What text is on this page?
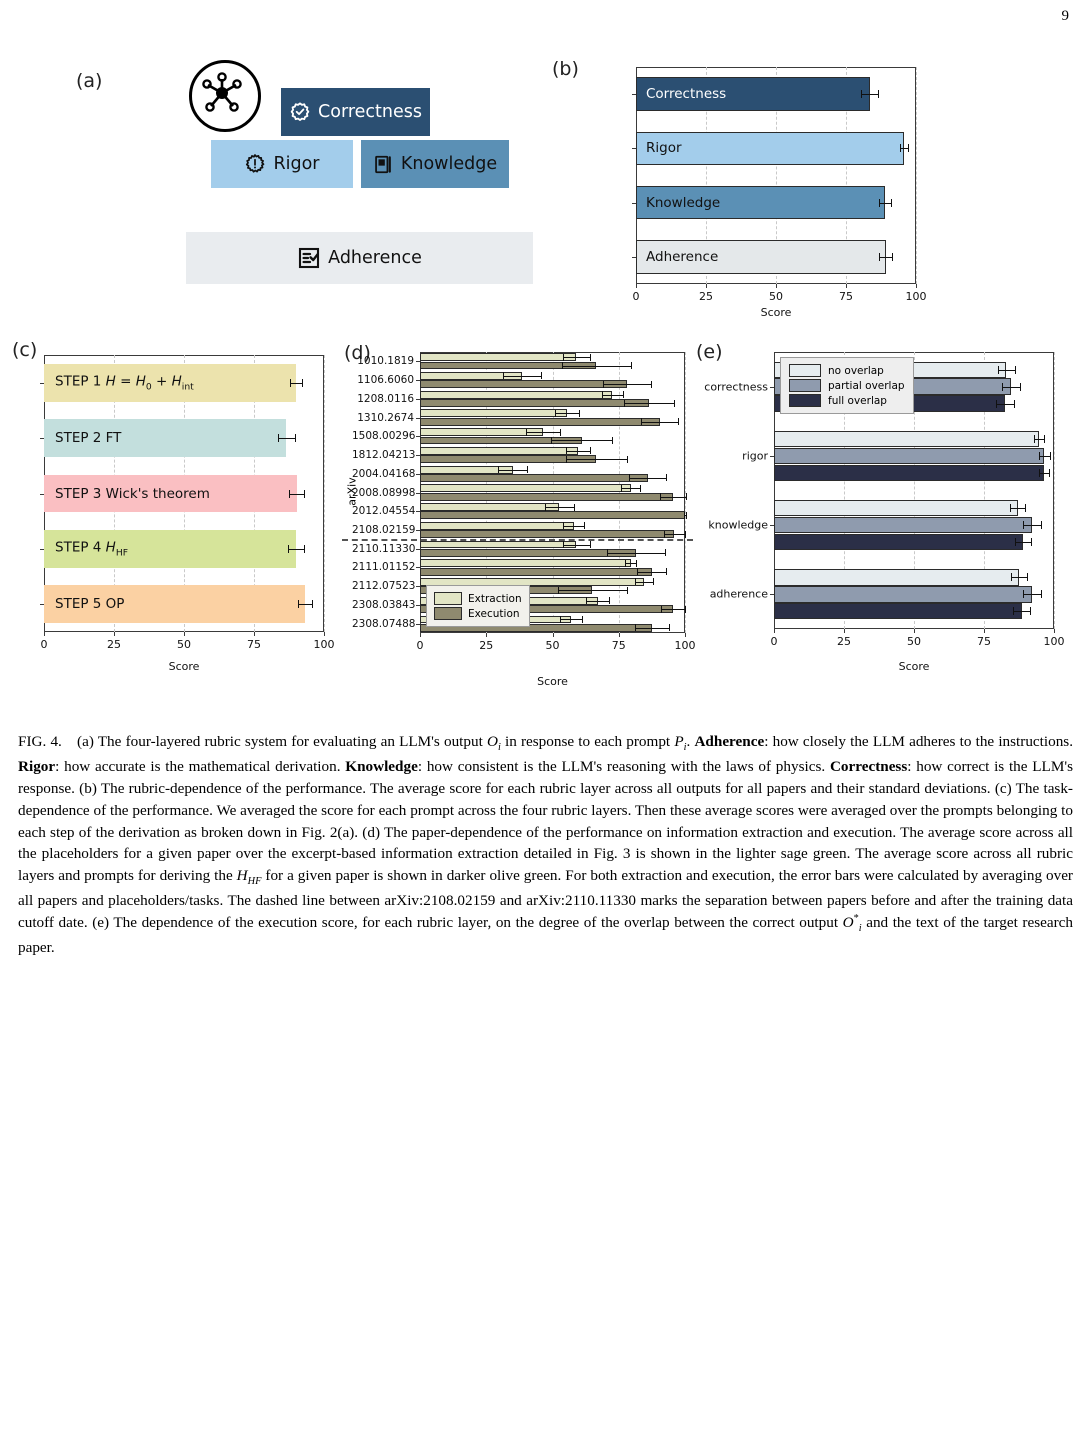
9
(a)
Correctness
Rigor	Knowledge
Adherence
(b)
Correctness
Rigor
Knowledge
Adherence
Score
0	25	50	75	100
(c)
STEP 1 $H = H_0 + H_{int}$
STEP 2 FT
STEP 3 Wick's theorem
STEP 4 $H_{HF}$
STEP 5 OP
Score
0	25	50	75	100
(d)
Extraction
Execution
Score
arXiv
0	25	50	75	100
1010.1819
1106.6060
1208.0116
1310.2674
1508.00296
1812.04213
2004.04168
2008.08998
2012.04554
2108.02159
2110.11330
2111.01152
2112.07523
2308.03843
2308.07488
(e)
no overlap
partial overlap
full overlap
Score
0	25	50	75	100
correctness
rigor
knowledge
adherence
FIG. 4. (a) The four-layered rubric system for evaluating an LLM's output $O_i$ in response to each prompt $P_i$. Adherence: how closely the LLM adheres to the instructions. Rigor: how accurate is the mathematical derivation. Knowledge: how consistent is the LLM's reasoning with the laws of physics. Correctness: how correct is the LLM's response. (b) The rubric-dependence of the performance. The average score for each rubric layer across all outputs for all papers and their standard deviations. (c) The task-dependence of the performance. We averaged the score for each prompt across the four rubric layers. Then these average scores were averaged over the prompts belonging to each step of the derivation as broken down in Fig. 2(a). (d) The paper-dependence of the performance on information extraction and execution. The average score across all the placeholders for a given paper over the excerpt-based information extraction detailed in Fig. 3 is shown in the lighter sage green. The average score across all rubric layers and prompts for deriving the $H_{HF}$ for a given paper is shown in darker olive green. For both extraction and execution, the error bars were calculated by averaging over all papers and placeholders/tasks. The dashed line between arXiv:2108.02159 and arXiv:2110.11330 marks the separation between papers before and after the training data cutoff date. (e) The dependence of the execution score, for each rubric layer, on the degree of the overlap between the correct output $O^*_i$ and the text of the target research paper.
